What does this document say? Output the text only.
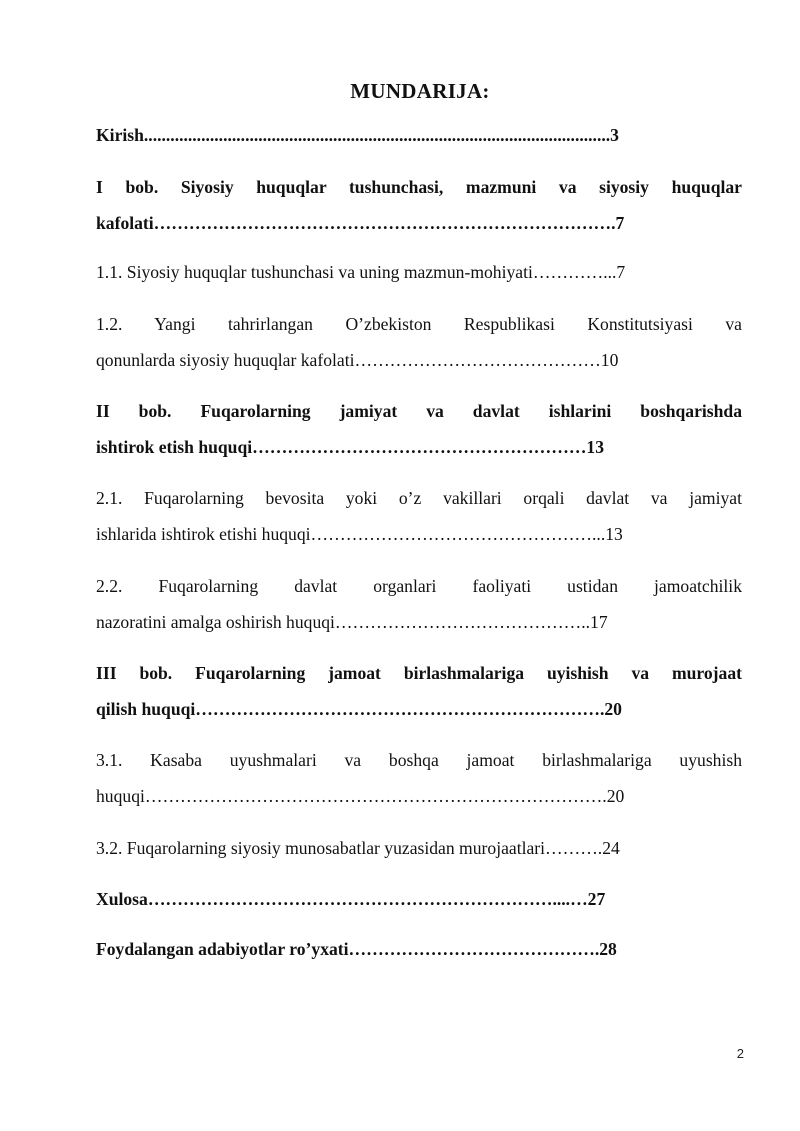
MUNDARIJA:

Kirish..........................................................................................................3

I bob. Siyosiy huquqlar tushunchasi, mazmuni va siyosiy huquqlar
kafolati…………………………………………………………………….7

1.1. Siyosiy huquqlar tushunchasi va uning mazmun-mohiyati…………...7

1.2. Yangi tahrirlangan O’zbekiston Respublikasi Konstitutsiyasi va
qonunlarda siyosiy huquqlar kafolati……………………………………10

II bob. Fuqarolarning jamiyat va davlat ishlarini boshqarishda
ishtirok etish huquqi…………………………………………………13

2.1. Fuqarolarning bevosita yoki o’z vakillari orqali davlat va jamiyat
ishlarida ishtirok etishi huquqi…………………………………………...13

2.2. Fuqarolarning davlat organlari faoliyati ustidan jamoatchilik
nazoratini amalga oshirish huquqi……………………………………..17

III bob. Fuqarolarning jamoat birlashmalariga uyishish va murojaat
qilish huquqi…………………………………………………………….20

3.1. Kasaba uyushmalari va boshqa jamoat birlashmalariga uyushish
huquqi…………………………………………………………………….20

3.2. Fuqarolarning siyosiy munosabatlar yuzasidan murojaatlari……….24

Xulosa……………………………………………………………....…27

Foydalangan adabiyotlar ro’yxati…………………………………….28

2
